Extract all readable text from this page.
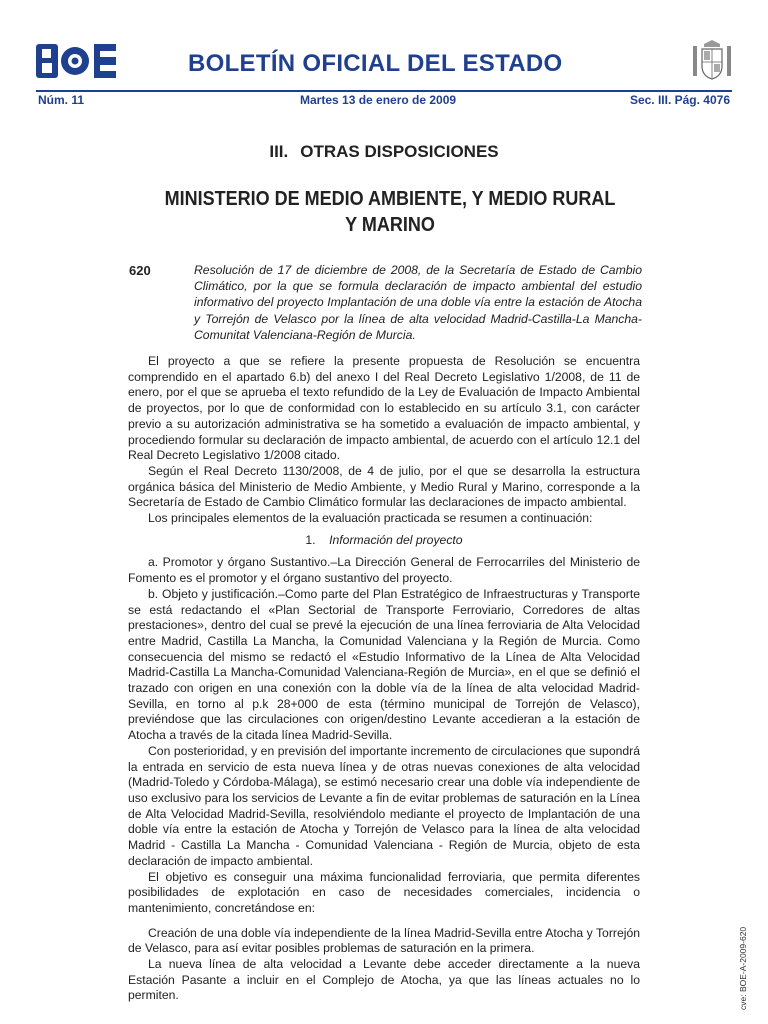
BOLETÍN OFICIAL DEL ESTADO
Núm. 11	Martes 13 de enero de 2009	Sec. III. Pág. 4076
III. OTRAS DISPOSICIONES
MINISTERIO DE MEDIO AMBIENTE, Y MEDIO RURAL
Y MARINO
620	Resolución de 17 de diciembre de 2008, de la Secretaría de Estado de Cambio Climático, por la que se formula declaración de impacto ambiental del estudio informativo del proyecto Implantación de una doble vía entre la estación de Atocha y Torrejón de Velasco por la línea de alta velocidad Madrid-Castilla-La Mancha-Comunitat Valenciana-Región de Murcia.

El proyecto a que se refiere la presente propuesta de Resolución se encuentra comprendido en el apartado 6.b) del anexo I del Real Decreto Legislativo 1/2008, de 11 de enero, por el que se aprueba el texto refundido de la Ley de Evaluación de Impacto Ambiental de proyectos, por lo que de conformidad con lo establecido en su artículo 3.1, con carácter previo a su autorización administrativa se ha sometido a evaluación de impacto ambiental, y procediendo formular su declaración de impacto ambiental, de acuerdo con el artículo 12.1 del Real Decreto Legislativo 1/2008 citado.

Según el Real Decreto 1130/2008, de 4 de julio, por el que se desarrolla la estructura orgánica básica del Ministerio de Medio Ambiente, y Medio Rural y Marino, corresponde a la Secretaría de Estado de Cambio Climático formular las declaraciones de impacto ambiental.

Los principales elementos de la evaluación practicada se resumen a continuación:

1. Información del proyecto

a. Promotor y órgano Sustantivo.–La Dirección General de Ferrocarriles del Ministerio de Fomento es el promotor y el órgano sustantivo del proyecto.

b. Objeto y justificación.–Como parte del Plan Estratégico de Infraestructuras y Transporte se está redactando el «Plan Sectorial de Transporte Ferroviario, Corredores de altas prestaciones», dentro del cual se prevé la ejecución de una línea ferroviaria de Alta Velocidad entre Madrid, Castilla La Mancha, la Comunidad Valenciana y la Región de Murcia. Como consecuencia del mismo se redactó el «Estudio Informativo de la Línea de Alta Velocidad Madrid-Castilla La Mancha-Comunidad Valenciana-Región de Murcia», en el que se definió el trazado con origen en una conexión con la doble vía de la línea de alta velocidad Madrid-Sevilla, en torno al p.k 28+000 de esta (término municipal de Torrejón de Velasco), previéndose que las circulaciones con origen/destino Levante accedieran a la estación de Atocha a través de la citada línea Madrid-Sevilla.

Con posterioridad, y en previsión del importante incremento de circulaciones que supondrá la entrada en servicio de esta nueva línea y de otras nuevas conexiones de alta velocidad (Madrid-Toledo y Córdoba-Málaga), se estimó necesario crear una doble vía independiente de uso exclusivo para los servicios de Levante a fin de evitar problemas de saturación en la Línea de Alta Velocidad Madrid-Sevilla, resolviéndolo mediante el proyecto de Implantación de una doble vía entre la estación de Atocha y Torrejón de Velasco para la línea de alta velocidad Madrid - Castilla La Mancha - Comunidad Valenciana - Región de Murcia, objeto de esta declaración de impacto ambiental.

El objetivo es conseguir una máxima funcionalidad ferroviaria, que permita diferentes posibilidades de explotación en caso de necesidades comerciales, incidencia o mantenimiento, concretándose en:

Creación de una doble vía independiente de la línea Madrid-Sevilla entre Atocha y Torrejón de Velasco, para así evitar posibles problemas de saturación en la primera.

La nueva línea de alta velocidad a Levante debe acceder directamente a la nueva Estación Pasante a incluir en el Complejo de Atocha, ya que las líneas actuales no lo permiten.	cve: BOE-A-2009-620
